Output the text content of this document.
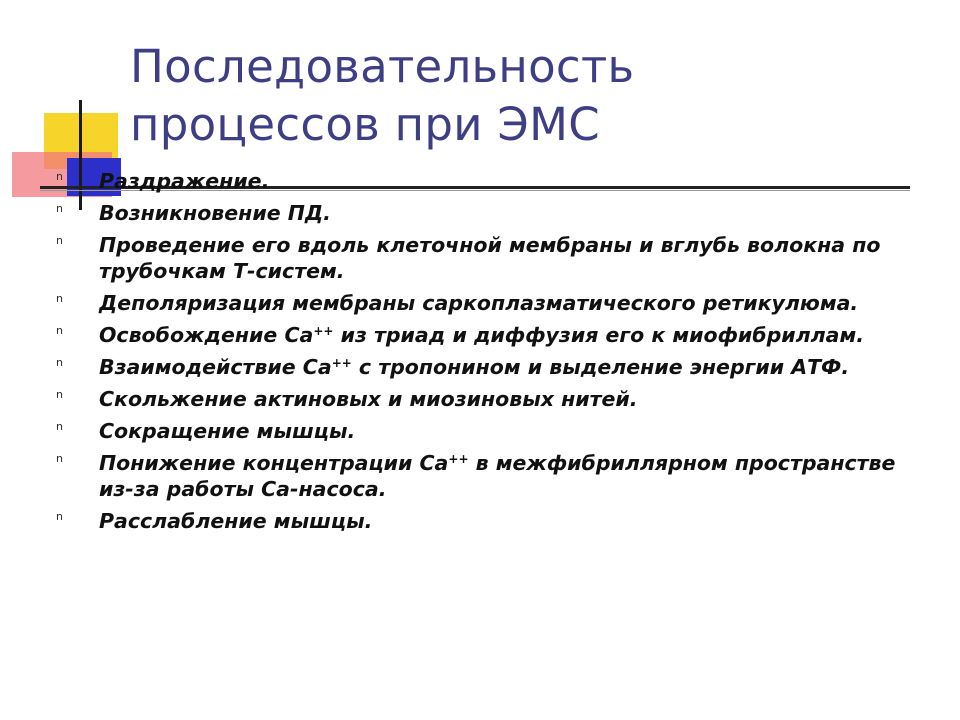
Последовательность
процессов при ЭМС
n Раздражение.
n Возникновение ПД.
n Проведение его вдоль клеточной мембраны и вглубь волокна по трубочкам Т-систем.
n Деполяризация мембраны саркоплазматического ретикулюма.
n Освобождение Са++ из триад и диффузия его к миофибриллам.
n Взаимодействие Са++ с тропонином и выделение энергии АТФ.
n Скольжение актиновых и миозиновых нитей.
n Сокращение мышцы.
n Понижение концентрации Са++ в межфибриллярном пространстве из-за работы Са-насоса.
n Расслабление мышцы.
